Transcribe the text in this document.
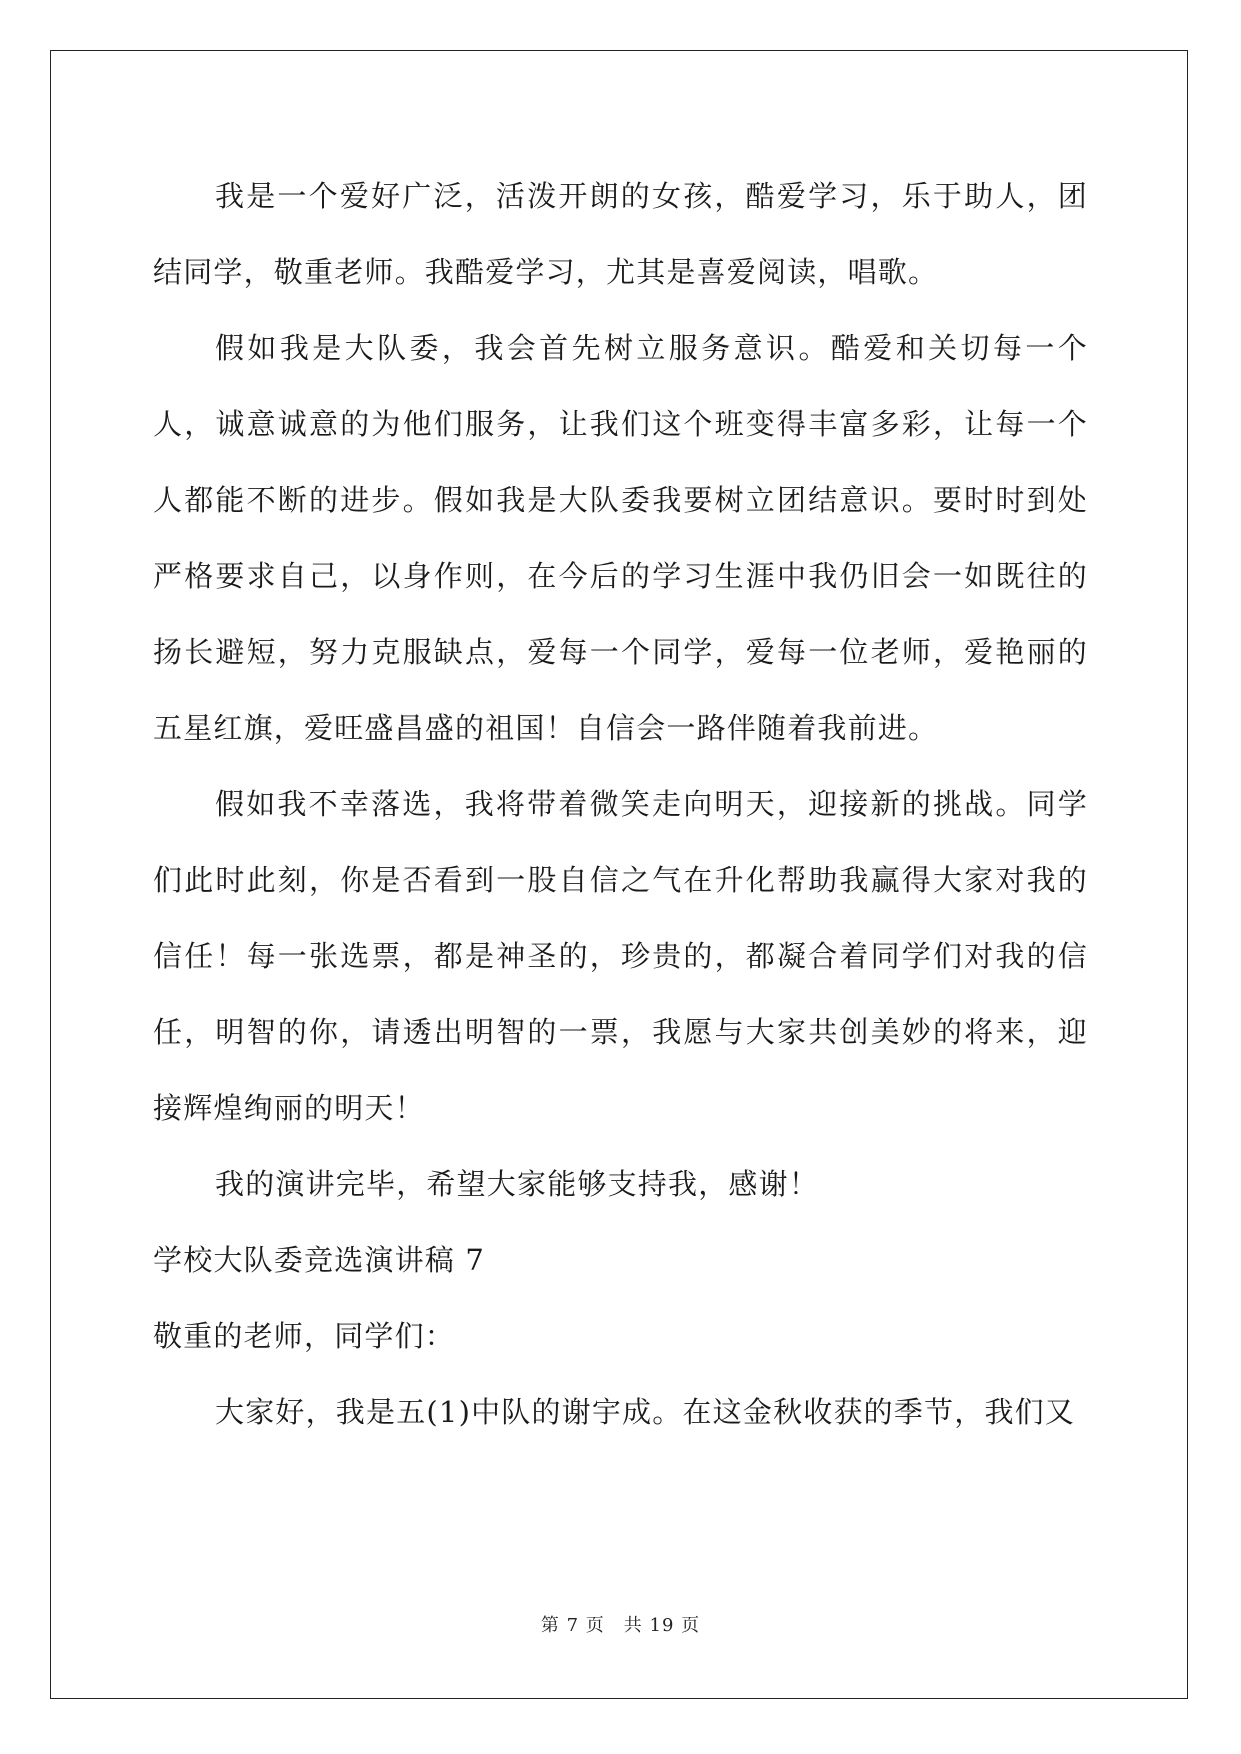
我是一个爱好广泛，活泼开朗的女孩，酷爱学习，乐于助人，团结同学，敬重老师。我酷爱学习，尤其是喜爱阅读，唱歌。

假如我是大队委，我会首先树立服务意识。酷爱和关切每一个人，诚意诚意的为他们服务，让我们这个班变得丰富多彩，让每一个人都能不断的进步。假如我是大队委我要树立团结意识。要时时到处严格要求自己，以身作则，在今后的学习生涯中我仍旧会一如既往的扬长避短，努力克服缺点，爱每一个同学，爱每一位老师，爱艳丽的五星红旗，爱旺盛昌盛的祖国！自信会一路伴随着我前进。

假如我不幸落选，我将带着微笑走向明天，迎接新的挑战。同学们此时此刻，你是否看到一股自信之气在升化帮助我赢得大家对我的信任！每一张选票，都是神圣的，珍贵的，都凝合着同学们对我的信任，明智的你，请透出明智的一票，我愿与大家共创美妙的将来，迎接辉煌绚丽的明天！

我的演讲完毕，希望大家能够支持我，感谢！

学校大队委竞选演讲稿 7

敬重的老师，同学们：

大家好，我是五(1)中队的谢宇成。在这金秋收获的季节，我们又

第 7 页　共 19 页
